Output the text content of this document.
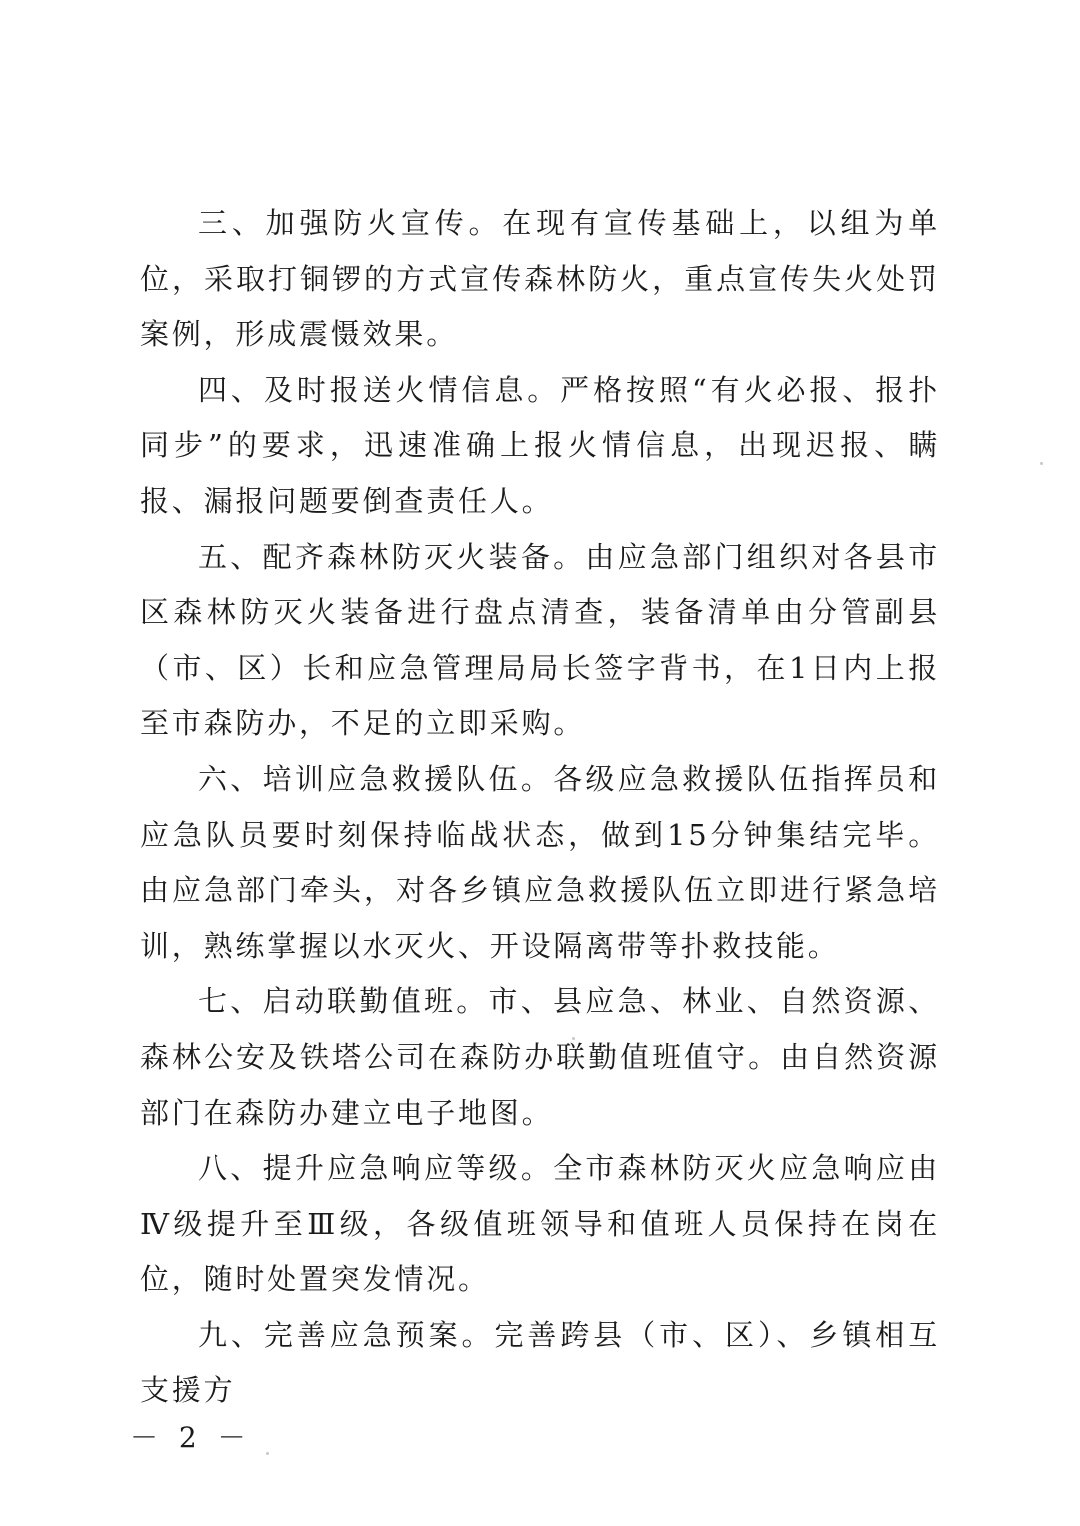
三、加强防火宣传。在现有宣传基础上，以组为单位，采取打铜锣的方式宣传森林防火，重点宣传失火处罚案例，形成震慑效果。

四、及时报送火情信息。严格按照“有火必报、报扑同步”的要求，迅速准确上报火情信息，出现迟报、瞒报、漏报问题要倒查责任人。

五、配齐森林防灭火装备。由应急部门组织对各县市区森林防灭火装备进行盘点清查，装备清单由分管副县（市、区）长和应急管理局局长签字背书，在1日内上报至市森防办，不足的立即采购。

六、培训应急救援队伍。各级应急救援队伍指挥员和应急队员要时刻保持临战状态，做到15分钟集结完毕。由应急部门牵头，对各乡镇应急救援队伍立即进行紧急培训，熟练掌握以水灭火、开设隔离带等扑救技能。

七、启动联勤值班。市、县应急、林业、自然资源、森林公安及铁塔公司在森防办联勤值班值守。由自然资源部门在森防办建立电子地图。

八、提升应急响应等级。全市森林防灭火应急响应由Ⅳ级提升至Ⅲ级，各级值班领导和值班人员保持在岗在位，随时处置突发情况。

九、完善应急预案。完善跨县（市、区）、乡镇相互支援方

－ 2 －
